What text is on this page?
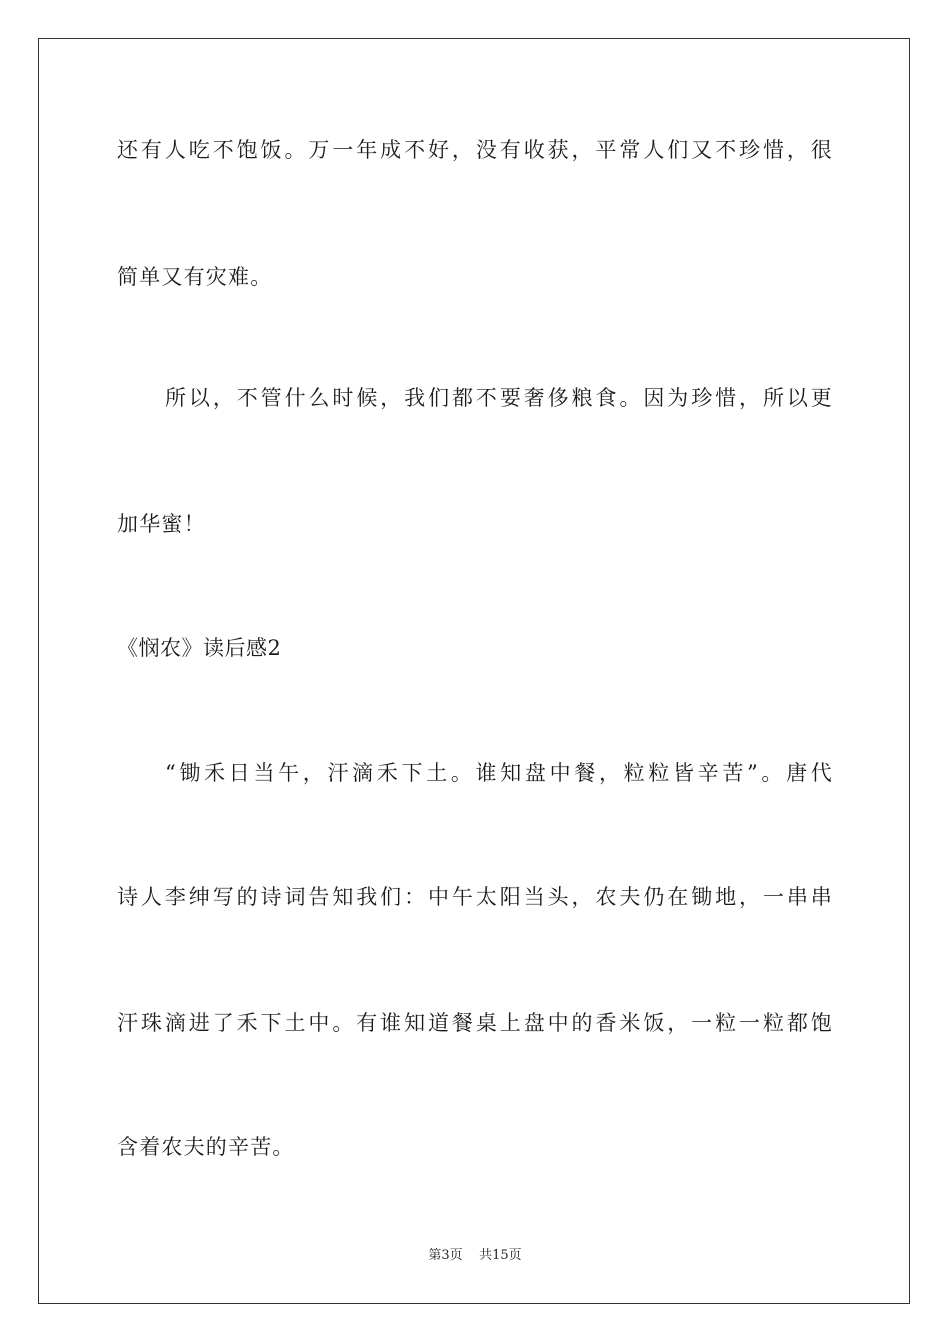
还有人吃不饱饭。万一年成不好，没有收获，平常人们又不珍惜，很
简单又有灾难。
所以，不管什么时候，我们都不要奢侈粮食。因为珍惜，所以更
加华蜜！
《悯农》读后感2
“锄禾日当午，汗滴禾下土。谁知盘中餐，粒粒皆辛苦”。唐代
诗人李绅写的诗词告知我们：中午太阳当头，农夫仍在锄地，一串串
汗珠滴进了禾下土中。有谁知道餐桌上盘中的香米饭，一粒一粒都饱
含着农夫的辛苦。
第3页 共15页
